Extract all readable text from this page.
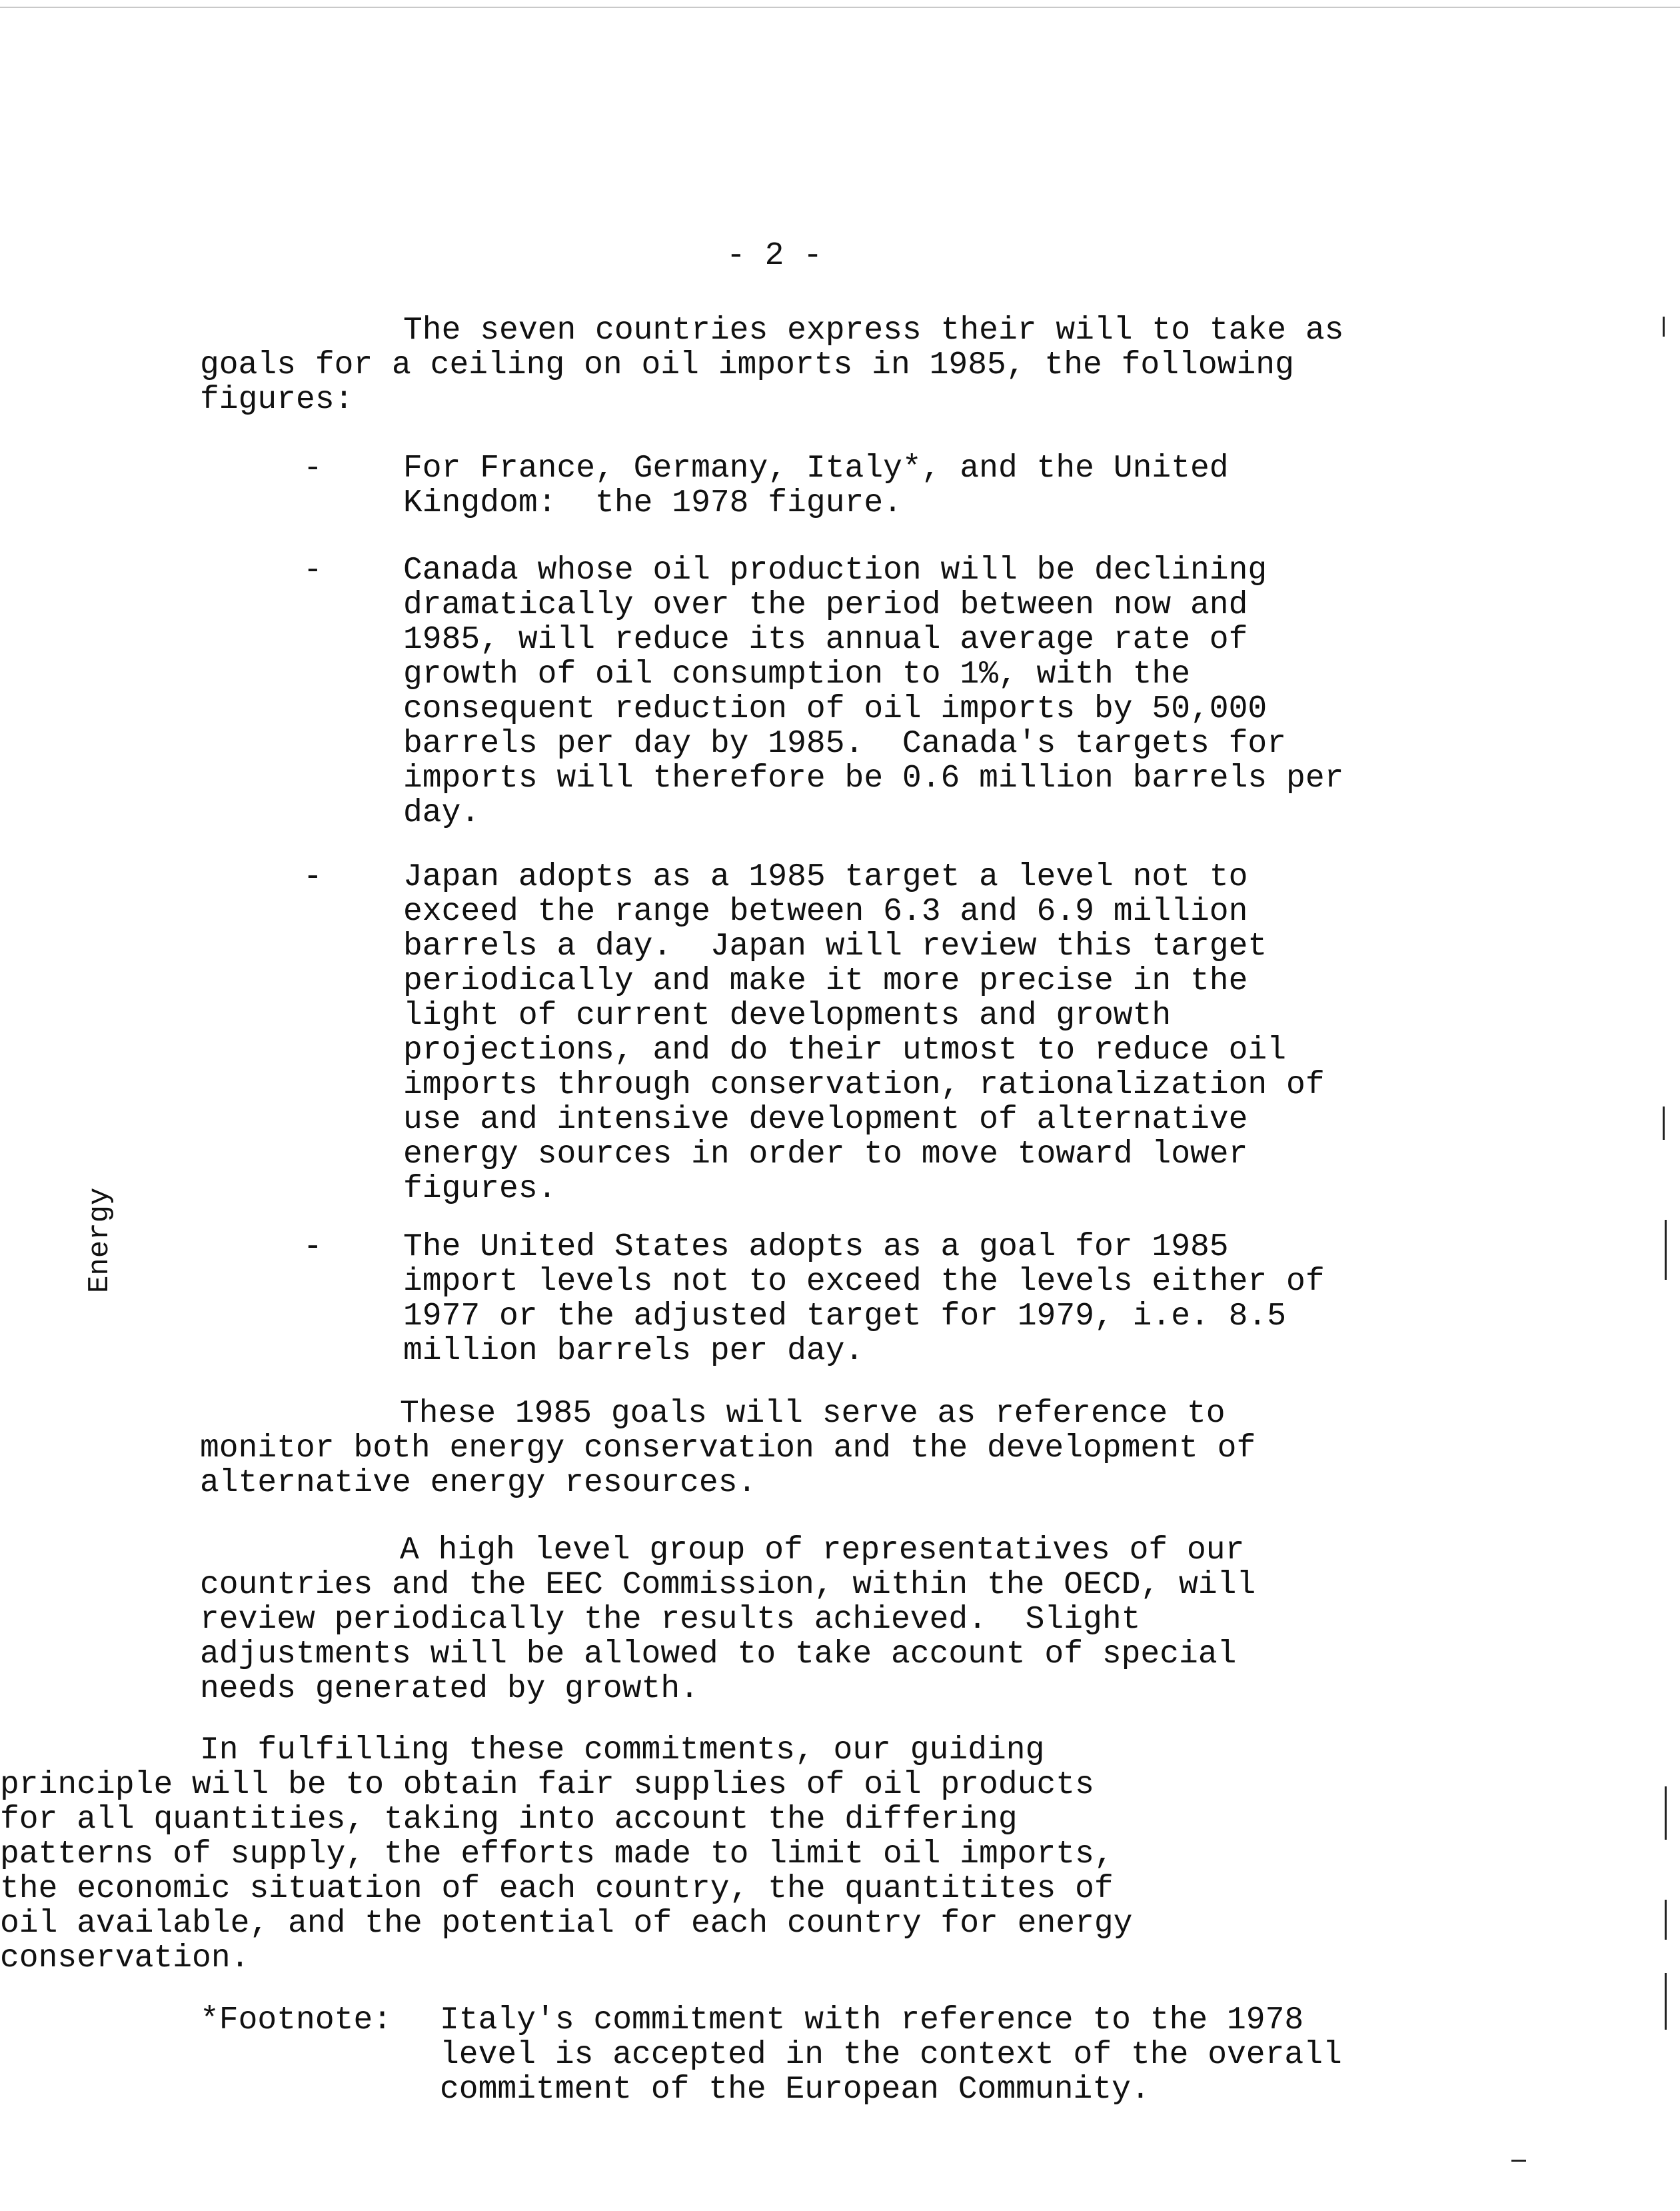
- 2 -
Energy

The seven countries express their will to take as

goals for a ceiling on oil imports in 1985, the following

figures:

-	For France, Germany, Italy*, and the United

Kingdom:  the 1978 figure.

-	Canada whose oil production will be declining

dramatically over the period between now and

1985, will reduce its annual average rate of

growth of oil consumption to 1%, with the

consequent reduction of oil imports by 50,000

barrels per day by 1985.  Canada's targets for

imports will therefore be 0.6 million barrels per

day.

-	Japan adopts as a 1985 target a level not to

exceed the range between 6.3 and 6.9 million

barrels a day.  Japan will review this target

periodically and make it more precise in the

light of current developments and growth

projections, and do their utmost to reduce oil

imports through conservation, rationalization of

use and intensive development of alternative

energy sources in order to move toward lower

figures.

-	The United States adopts as a goal for 1985

import levels not to exceed the levels either of

1977 or the adjusted target for 1979, i.e. 8.5

million barrels per day.

These 1985 goals will serve as reference to

monitor both energy conservation and the development of

alternative energy resources.

A high level group of representatives of our

countries and the EEC Commission, within the OECD, will

review periodically the results achieved.  Slight

adjustments will be allowed to take account of special

needs generated by growth.

In fulfilling these commitments, our guiding

principle will be to obtain fair supplies of oil products

for all quantities, taking into account the differing

patterns of supply, the efforts made to limit oil imports,

the economic situation of each country, the quantitites of

oil available, and the potential of each country for energy

conservation.

*Footnote: Italy's commitment with reference to the 1978

level is accepted in the context of the overall

commitment of the European Community.
